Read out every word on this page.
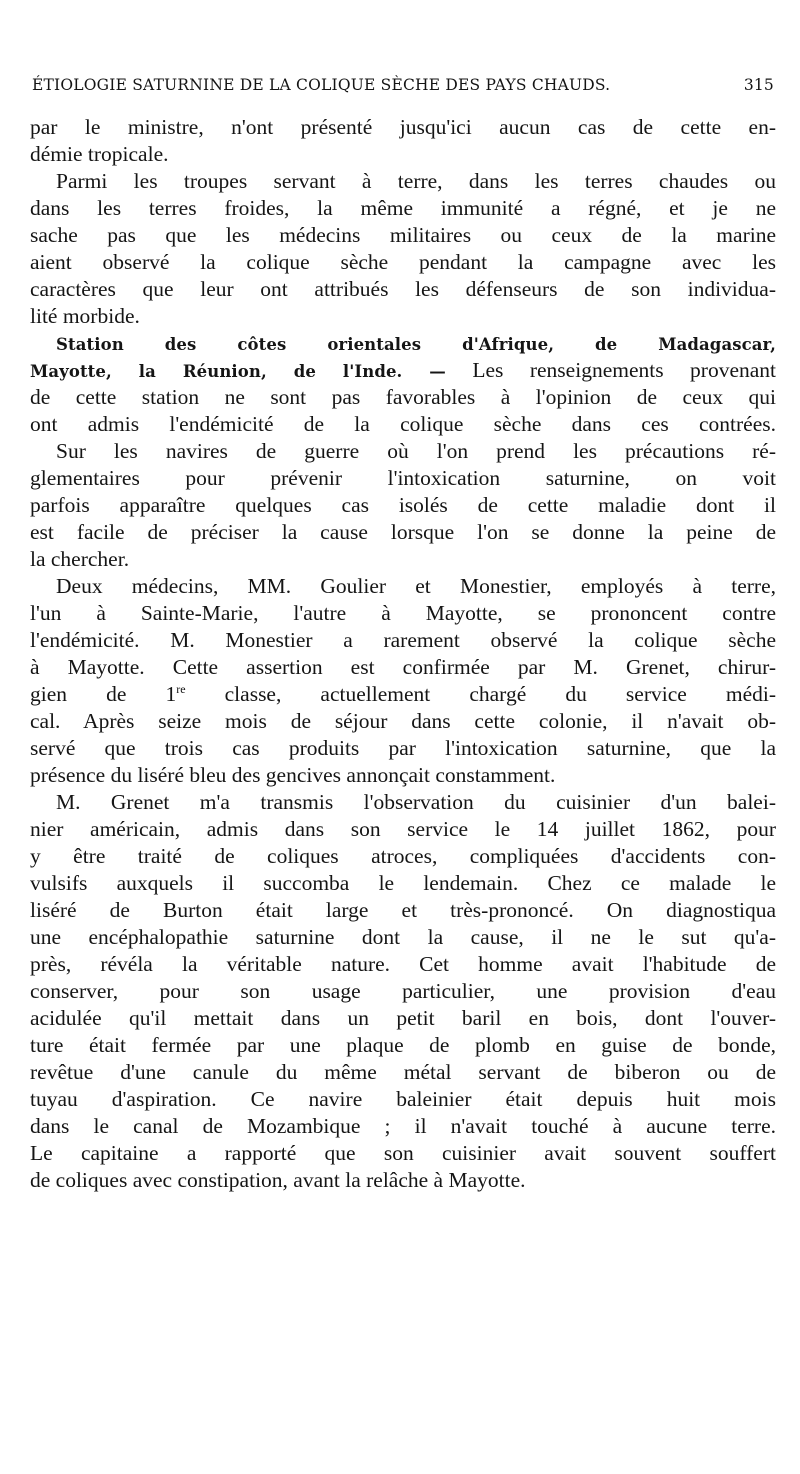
ÉTIOLOGIE SATURNINE DE LA COLIQUE SÈCHE DES PAYS CHAUDS.	315
par le ministre, n'ont présenté jusqu'ici aucun cas de cette en-
démie tropicale.
Parmi les troupes servant à terre, dans les terres chaudes ou
dans les terres froides, la même immunité a régné, et je ne
sache pas que les médecins militaires ou ceux de la marine
aient observé la colique sèche pendant la campagne avec les
caractères que leur ont attribués les défenseurs de son individua-
lité morbide.
Station des côtes orientales d'Afrique, de Madagascar,
Mayotte, la Réunion, de l'Inde. — Les renseignements provenant
de cette station ne sont pas favorables à l'opinion de ceux qui
ont admis l'endémicité de la colique sèche dans ces contrées.
Sur les navires de guerre où l'on prend les précautions ré-
glementaires pour prévenir l'intoxication saturnine, on voit
parfois apparaître quelques cas isolés de cette maladie dont il
est facile de préciser la cause lorsque l'on se donne la peine de
la chercher.
Deux médecins, MM. Goulier et Monestier, employés à terre,
l'un à Sainte-Marie, l'autre à Mayotte, se prononcent contre
l'endémicité. M. Monestier a rarement observé la colique sèche
à Mayotte. Cette assertion est confirmée par M. Grenet, chirur-
gien de 1re classe, actuellement chargé du service médi-
cal. Après seize mois de séjour dans cette colonie, il n'avait ob-
servé que trois cas produits par l'intoxication saturnine, que la
présence du liséré bleu des gencives annonçait constamment.
M. Grenet m'a transmis l'observation du cuisinier d'un balei-
nier américain, admis dans son service le 14 juillet 1862, pour
y être traité de coliques atroces, compliquées d'accidents con-
vulsifs auxquels il succomba le lendemain. Chez ce malade le
liséré de Burton était large et très-prononcé. On diagnostiqua
une encéphalopathie saturnine dont la cause, il ne le sut qu'a-
près, révéla la véritable nature. Cet homme avait l'habitude de
conserver, pour son usage particulier, une provision d'eau
acidulée qu'il mettait dans un petit baril en bois, dont l'ouver-
ture était fermée par une plaque de plomb en guise de bonde,
revêtue d'une canule du même métal servant de biberon ou de
tuyau d'aspiration. Ce navire baleinier était depuis huit mois
dans le canal de Mozambique ; il n'avait touché à aucune terre.
Le capitaine a rapporté que son cuisinier avait souvent souffert
de coliques avec constipation, avant la relâche à Mayotte.
